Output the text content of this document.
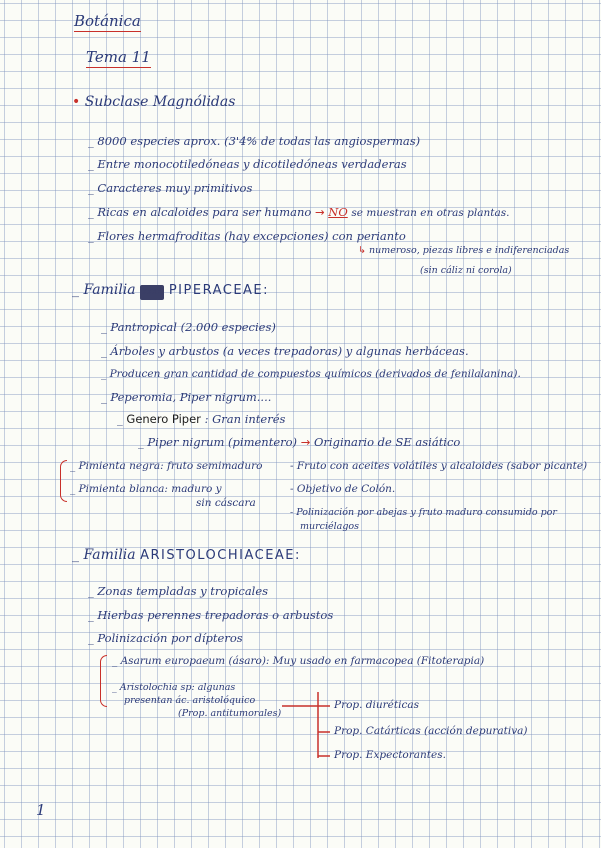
Botánica
Tema 11
• Subclase Magnólidas
_ 8000 especies aprox. (3'4% de todas las angiospermas)
_ Entre monocotiledóneas y dicotiledóneas verdaderas
_ Caracteres muy primitivos
_ Ricas en alcaloides para ser humano → NO se muestran en otras plantas.
_ Flores hermafroditas (hay excepciones) con perianto
↳ numeroso, piezas libres e indiferenciadas
(sin cáliz ni corola)
_ Familia xxxx PIPERACEAE:
_ Pantropical (2.000 especies)
_ Árboles y arbustos (a veces trepadoras) y algunas herbáceas.
_ Producen gran cantidad de compuestos químicos (derivados de fenilalanina).
_ Peperomia, Piper nigrum....
_ Genero Piper : Gran interés
_ Piper nigrum (pimentero) → Originario de SE asiático
_ Pimienta negra: fruto semimaduro
_ Pimienta blanca: maduro y
sin cáscara
- Fruto con aceites volátiles y alcaloides (sabor picante)
- Objetivo de Colón.
- Polinización por abejas y fruto maduro consumido por
murciélagos
_ Familia ARISTOLOCHIACEAE:
_ Zonas templadas y tropicales
_ Hierbas perennes trepadoras o arbustos
_ Polinización por dípteros
_ Asarum europaeum (ásaro): Muy usado en farmacopea (Fitoterapia)
_ Aristolochia sp: algunas
presentan ác. aristolóquico
(Prop. antitumorales)
Prop. diuréticas
Prop. Catárticas (acción depurativa)
Prop. Expectorantes.
1
